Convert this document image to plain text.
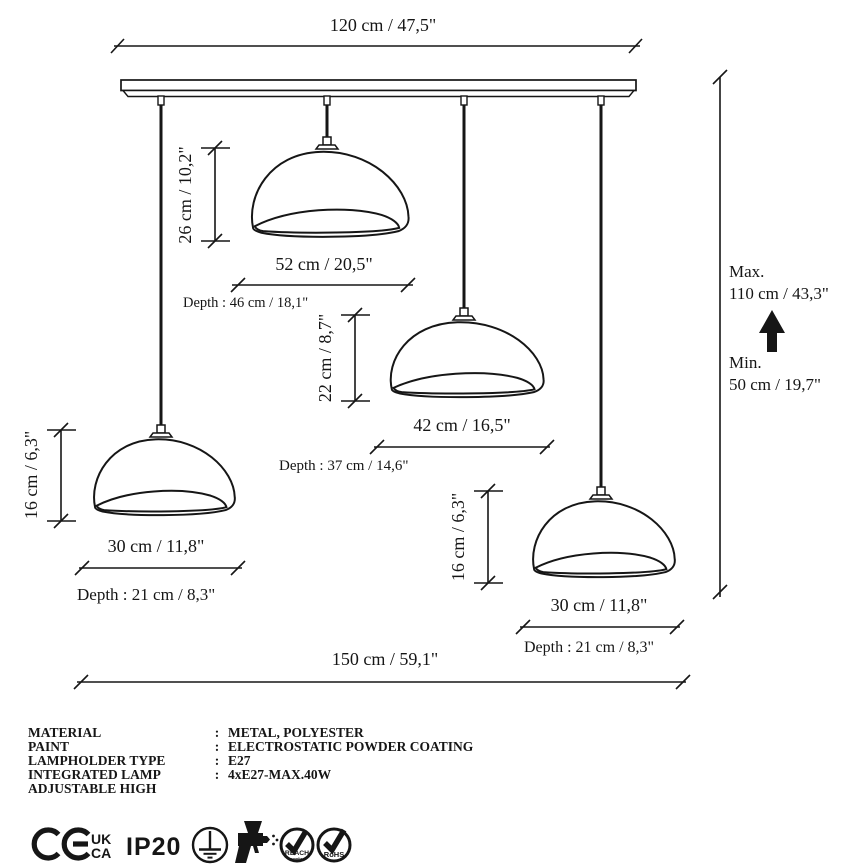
120 cm / 47,5"
Max.
110 cm / 43,3"
Min.
50 cm / 19,7"
26 cm / 10,2"
52 cm / 20,5"
Depth : 46 cm / 18,1"
22 cm / 8,7"
42 cm / 16,5"
Depth : 37 cm / 14,6"
16 cm / 6,3"
30 cm / 11,8"
Depth : 21 cm / 8,3"
16 cm / 6,3"
30 cm / 11,8"
Depth : 21 cm / 8,3"
150 cm / 59,1"
MATERIAL	: METAL, POLYESTER
PAINT	: ELECTROSTATIC POWDER COATING
LAMPHOLDER TYPE	: E27
INTEGRATED LAMP	: 4xE27-MAX.40W
ADJUSTABLE HIGH
UK
CA IP20	REACH
compliant RoHS
